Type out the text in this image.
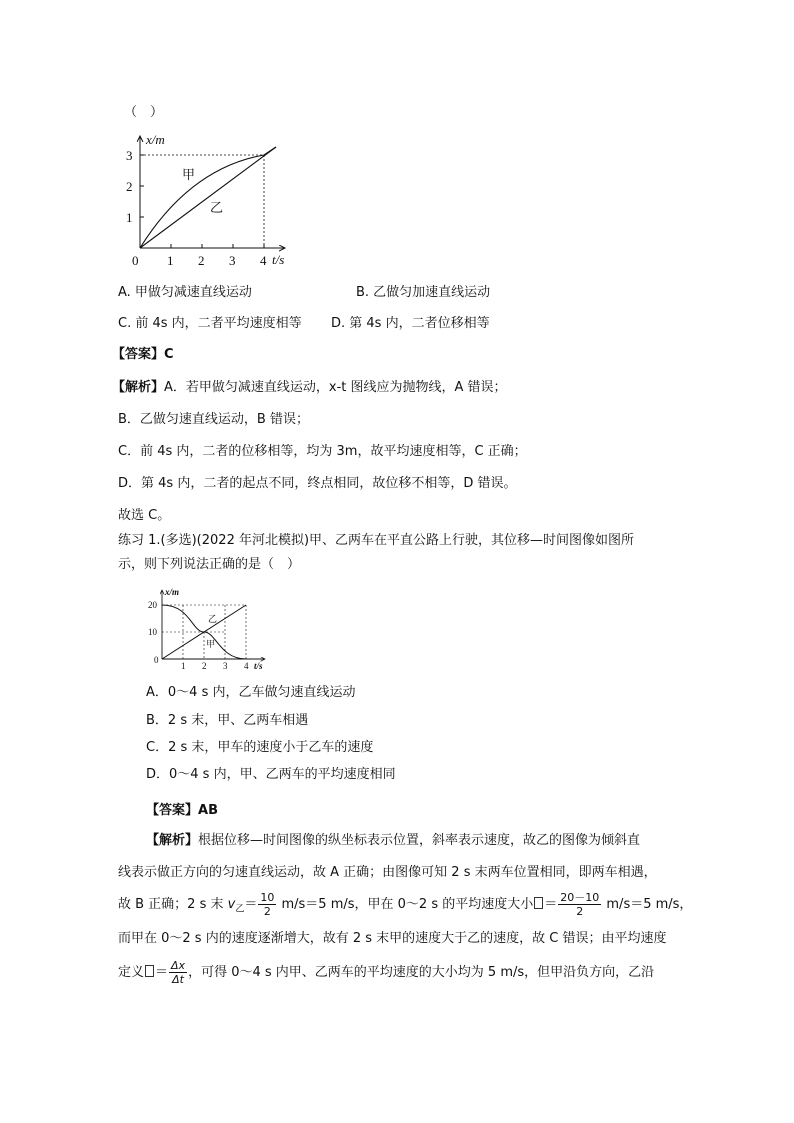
（　）
x/m
t/s
0 1 2 3 4
1
2
3
甲
乙
A. 甲做匀减速直线运动	B. 乙做匀加速直线运动
C. 前 4s 内，二者平均速度相等 D. 第 4s 内，二者位移相等
【答案】C
【解析】A．若甲做匀减速直线运动，x-t 图线应为抛物线，A 错误；
B．乙做匀速直线运动，B 错误；
C．前 4s 内，二者的位移相等，均为 3m，故平均速度相等，C 正确；
D．第 4s 内，二者的起点不同，终点相同，故位移不相等，D 错误。
故选 C。
练习 1.(多选)(2022 年河北模拟)甲、乙两车在平直公路上行驶，其位移—时间图像如图所
示，则下列说法正确的是（　）
x/m
t/s
0
1 2 3 4
10
20
甲
乙
A．0～4 s 内，乙车做匀速直线运动
B．2 s 末，甲、乙两车相遇
C．2 s 末，甲车的速度小于乙车的速度
D．0～4 s 内，甲、乙两车的平均速度相同
【答案】AB
【解析】根据位移—时间图像的纵坐标表示位置，斜率表示速度，故乙的图像为倾斜直
线表示做正方向的匀速直线运动，故 A 正确；由图像可知 2 s 末两车位置相同，即两车相遇，
故 B 正确；2 s 末 $v_乙= \frac{10}{2} m/s=5$ m/s，甲在 0～2 s 的平均速度大小 ＝ $\frac{20-10}{2} m/s=5$ m/s，
而甲在 0～2 s 内的速度逐渐增大，故有 2 s 末甲的速度大于乙的速度，故 C 错误；由平均速度
定义 ＝ $\frac{\Delta x}{\Delta t}$ ，可得 0～4 s 内甲、乙两车的平均速度的大小均为 5 m/s，但甲沿负方向，乙沿
